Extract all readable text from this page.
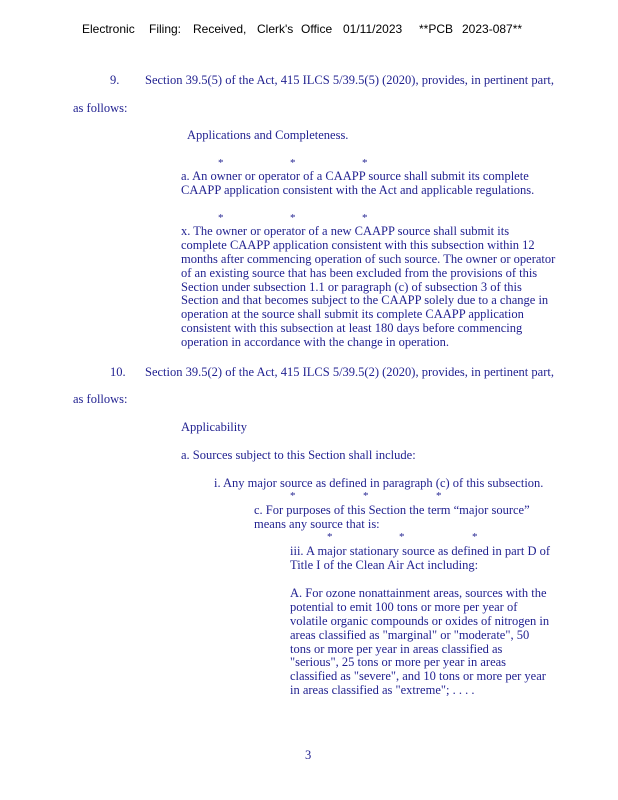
Electronic Filing: Received, Clerk's Office 01/11/2023 **PCB 2023-087**
9. Section 39.5(5) of the Act, 415 ILCS 5/39.5(5) (2020), provides, in pertinent part,
as follows:
Applications and Completeness.
*	*	*
a. An owner or operator of a CAAPP source shall submit its complete
CAAPP application consistent with the Act and applicable regulations.
*	*	*
x. The owner or operator of a new CAAPP source shall submit its
complete CAAPP application consistent with this subsection within 12
months after commencing operation of such source. The owner or operator
of an existing source that has been excluded from the provisions of this
Section under subsection 1.1 or paragraph (c) of subsection 3 of this
Section and that becomes subject to the CAAPP solely due to a change in
operation at the source shall submit its complete CAAPP application
consistent with this subsection at least 180 days before commencing
operation in accordance with the change in operation.
10. Section 39.5(2) of the Act, 415 ILCS 5/39.5(2) (2020), provides, in pertinent part,
as follows:
Applicability
a. Sources subject to this Section shall include:
i. Any major source as defined in paragraph (c) of this subsection.
*	*	*
c. For purposes of this Section the term “major source”
means any source that is:
*	*	*
iii. A major stationary source as defined in part D of
Title I of the Clean Air Act including:
A. For ozone nonattainment areas, sources with the
potential to emit 100 tons or more per year of
volatile organic compounds or oxides of nitrogen in
areas classified as "marginal" or "moderate", 50
tons or more per year in areas classified as
"serious", 25 tons or more per year in areas
classified as "severe", and 10 tons or more per year
in areas classified as "extreme"; . . . .
3
